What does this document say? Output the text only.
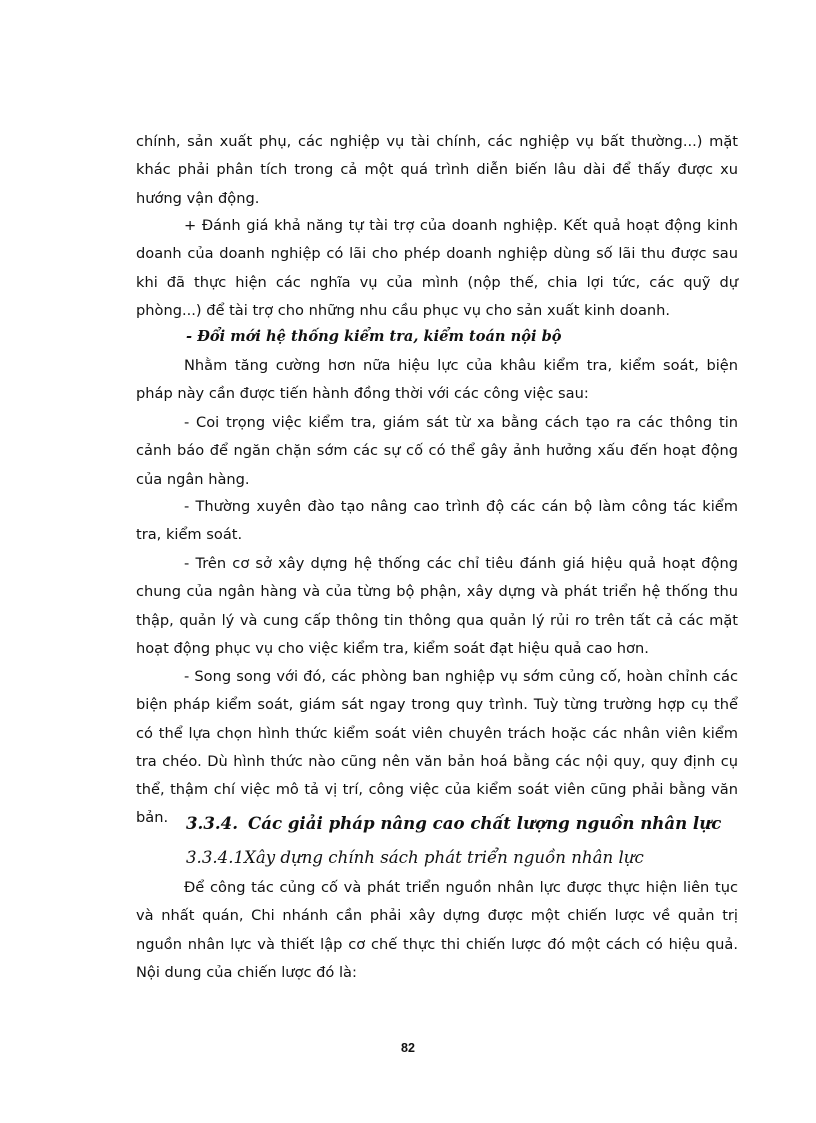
chính, sản xuất phụ, các nghiệp vụ tài chính, các nghiệp vụ bất thường...) mặt khác phải phân tích trong cả một quá trình diễn biến lâu dài để thấy được xu hướng vận động.

+ Đánh giá khả năng tự tài trợ của doanh nghiệp. Kết quả hoạt động kinh doanh của doanh nghiệp có lãi cho phép doanh nghiệp dùng số lãi thu được sau khi đã thực hiện các nghĩa vụ của mình (nộp thế, chia lợi tức, các quỹ dự phòng...) để tài trợ cho những nhu cầu phục vụ cho sản xuất kinh doanh.

- Đổi mới hệ thống kiểm tra, kiểm toán nội bộ

Nhằm tăng cường hơn nữa hiệu lực của khâu kiểm tra, kiểm soát, biện pháp này cần được tiến hành đồng thời với các công việc sau:

- Coi trọng việc kiểm tra, giám sát từ xa bằng cách tạo ra các thông tin cảnh báo để ngăn chặn sớm các sự cố có thể gây ảnh hưởng xấu đến hoạt động của ngân hàng.

- Thường xuyên đào tạo nâng cao trình độ các cán bộ làm công tác kiểm tra, kiểm soát.

- Trên cơ sở xây dựng hệ thống các chỉ tiêu đánh giá hiệu quả hoạt động chung của ngân hàng và của từng bộ phận, xây dựng và phát triển hệ thống thu thập, quản lý và cung cấp thông tin thông qua quản lý rủi ro trên tất cả các mặt hoạt động phục vụ cho việc kiểm tra, kiểm soát đạt hiệu quả cao hơn.

- Song song với đó, các phòng ban nghiệp vụ sớm củng cố, hoàn chỉnh các biện pháp kiểm soát, giám sát ngay trong quy trình. Tuỳ từng trường hợp cụ thể có thể lựa chọn hình thức kiểm soát viên chuyên trách hoặc các nhân viên kiểm tra chéo. Dù hình thức nào cũng nên văn bản hoá bằng các nội quy, quy định cụ thể, thậm chí việc mô tả vị trí, công việc của kiểm soát viên cũng phải bằng văn bản.	3.3.4. Các giải pháp nâng cao chất lượng nguồn nhân lực

3.3.4.1Xây dựng chính sách phát triển nguồn nhân lực

Để công tác củng cố và phát triển nguồn nhân lực được thực hiện liên tục và nhất quán, Chi nhánh cần phải xây dựng được một chiến lược về quản trị nguồn nhân lực và thiết lập cơ chế thực thi chiến lược đó một cách có hiệu quả. Nội dung của chiến lược đó là:

82
